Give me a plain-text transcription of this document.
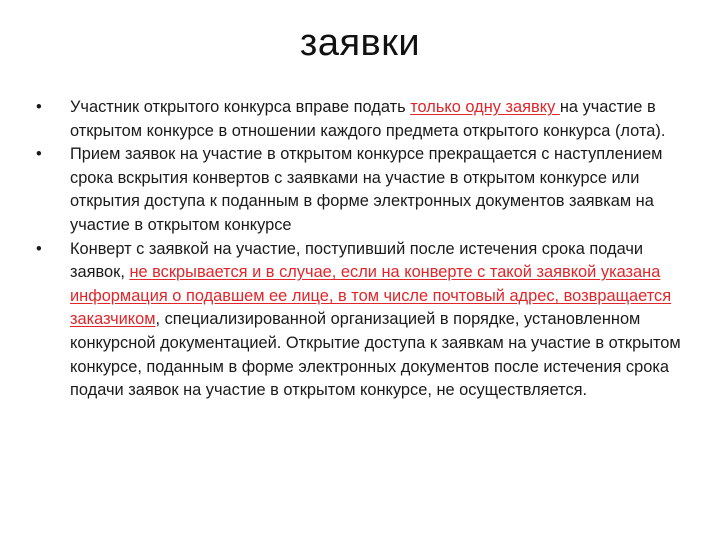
заявки
•	Участник открытого конкурса вправе подать только одну заявку на участие в открытом конкурсе в отношении каждого предмета открытого конкурса (лота).
•	Прием заявок на участие в открытом конкурсе прекращается с наступлением срока вскрытия конвертов с заявками на участие в открытом конкурсе или открытия доступа к поданным в форме электронных документов заявкам на участие в открытом конкурсе
•	Конверт с заявкой на участие, поступивший после истечения срока подачи заявок, не вскрывается и в случае, если на конверте с такой заявкой указана информация о подавшем ее лице, в том числе почтовый адрес, возвращается заказчиком, специализированной организацией в порядке, установленном конкурсной документацией. Открытие доступа к заявкам на участие в открытом конкурсе, поданным в форме электронных документов после истечения срока подачи заявок на участие в открытом конкурсе, не осуществляется.
